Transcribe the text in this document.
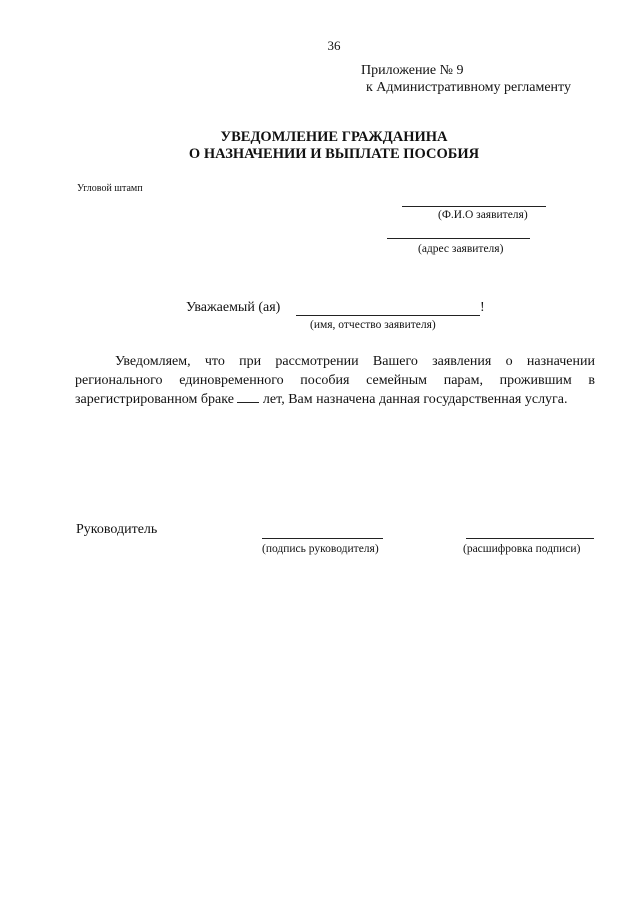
36
Приложение № 9
к Административному регламенту
УВЕДОМЛЕНИЕ ГРАЖДАНИНА
О НАЗНАЧЕНИИ И ВЫПЛАТЕ ПОСОБИЯ
Угловой штамп
(Ф.И.О заявителя)
(адрес заявителя)
Уважаемый (ая)	!
(имя, отчество заявителя)
Уведомляем, что при рассмотрении Вашего заявления о назначении регионального единовременного пособия семейным парам, прожившим в зарегистрированном браке  лет, Вам назначена данная государственная услуга.
Руководитель
(подпись руководителя)	(расшифровка подписи)
